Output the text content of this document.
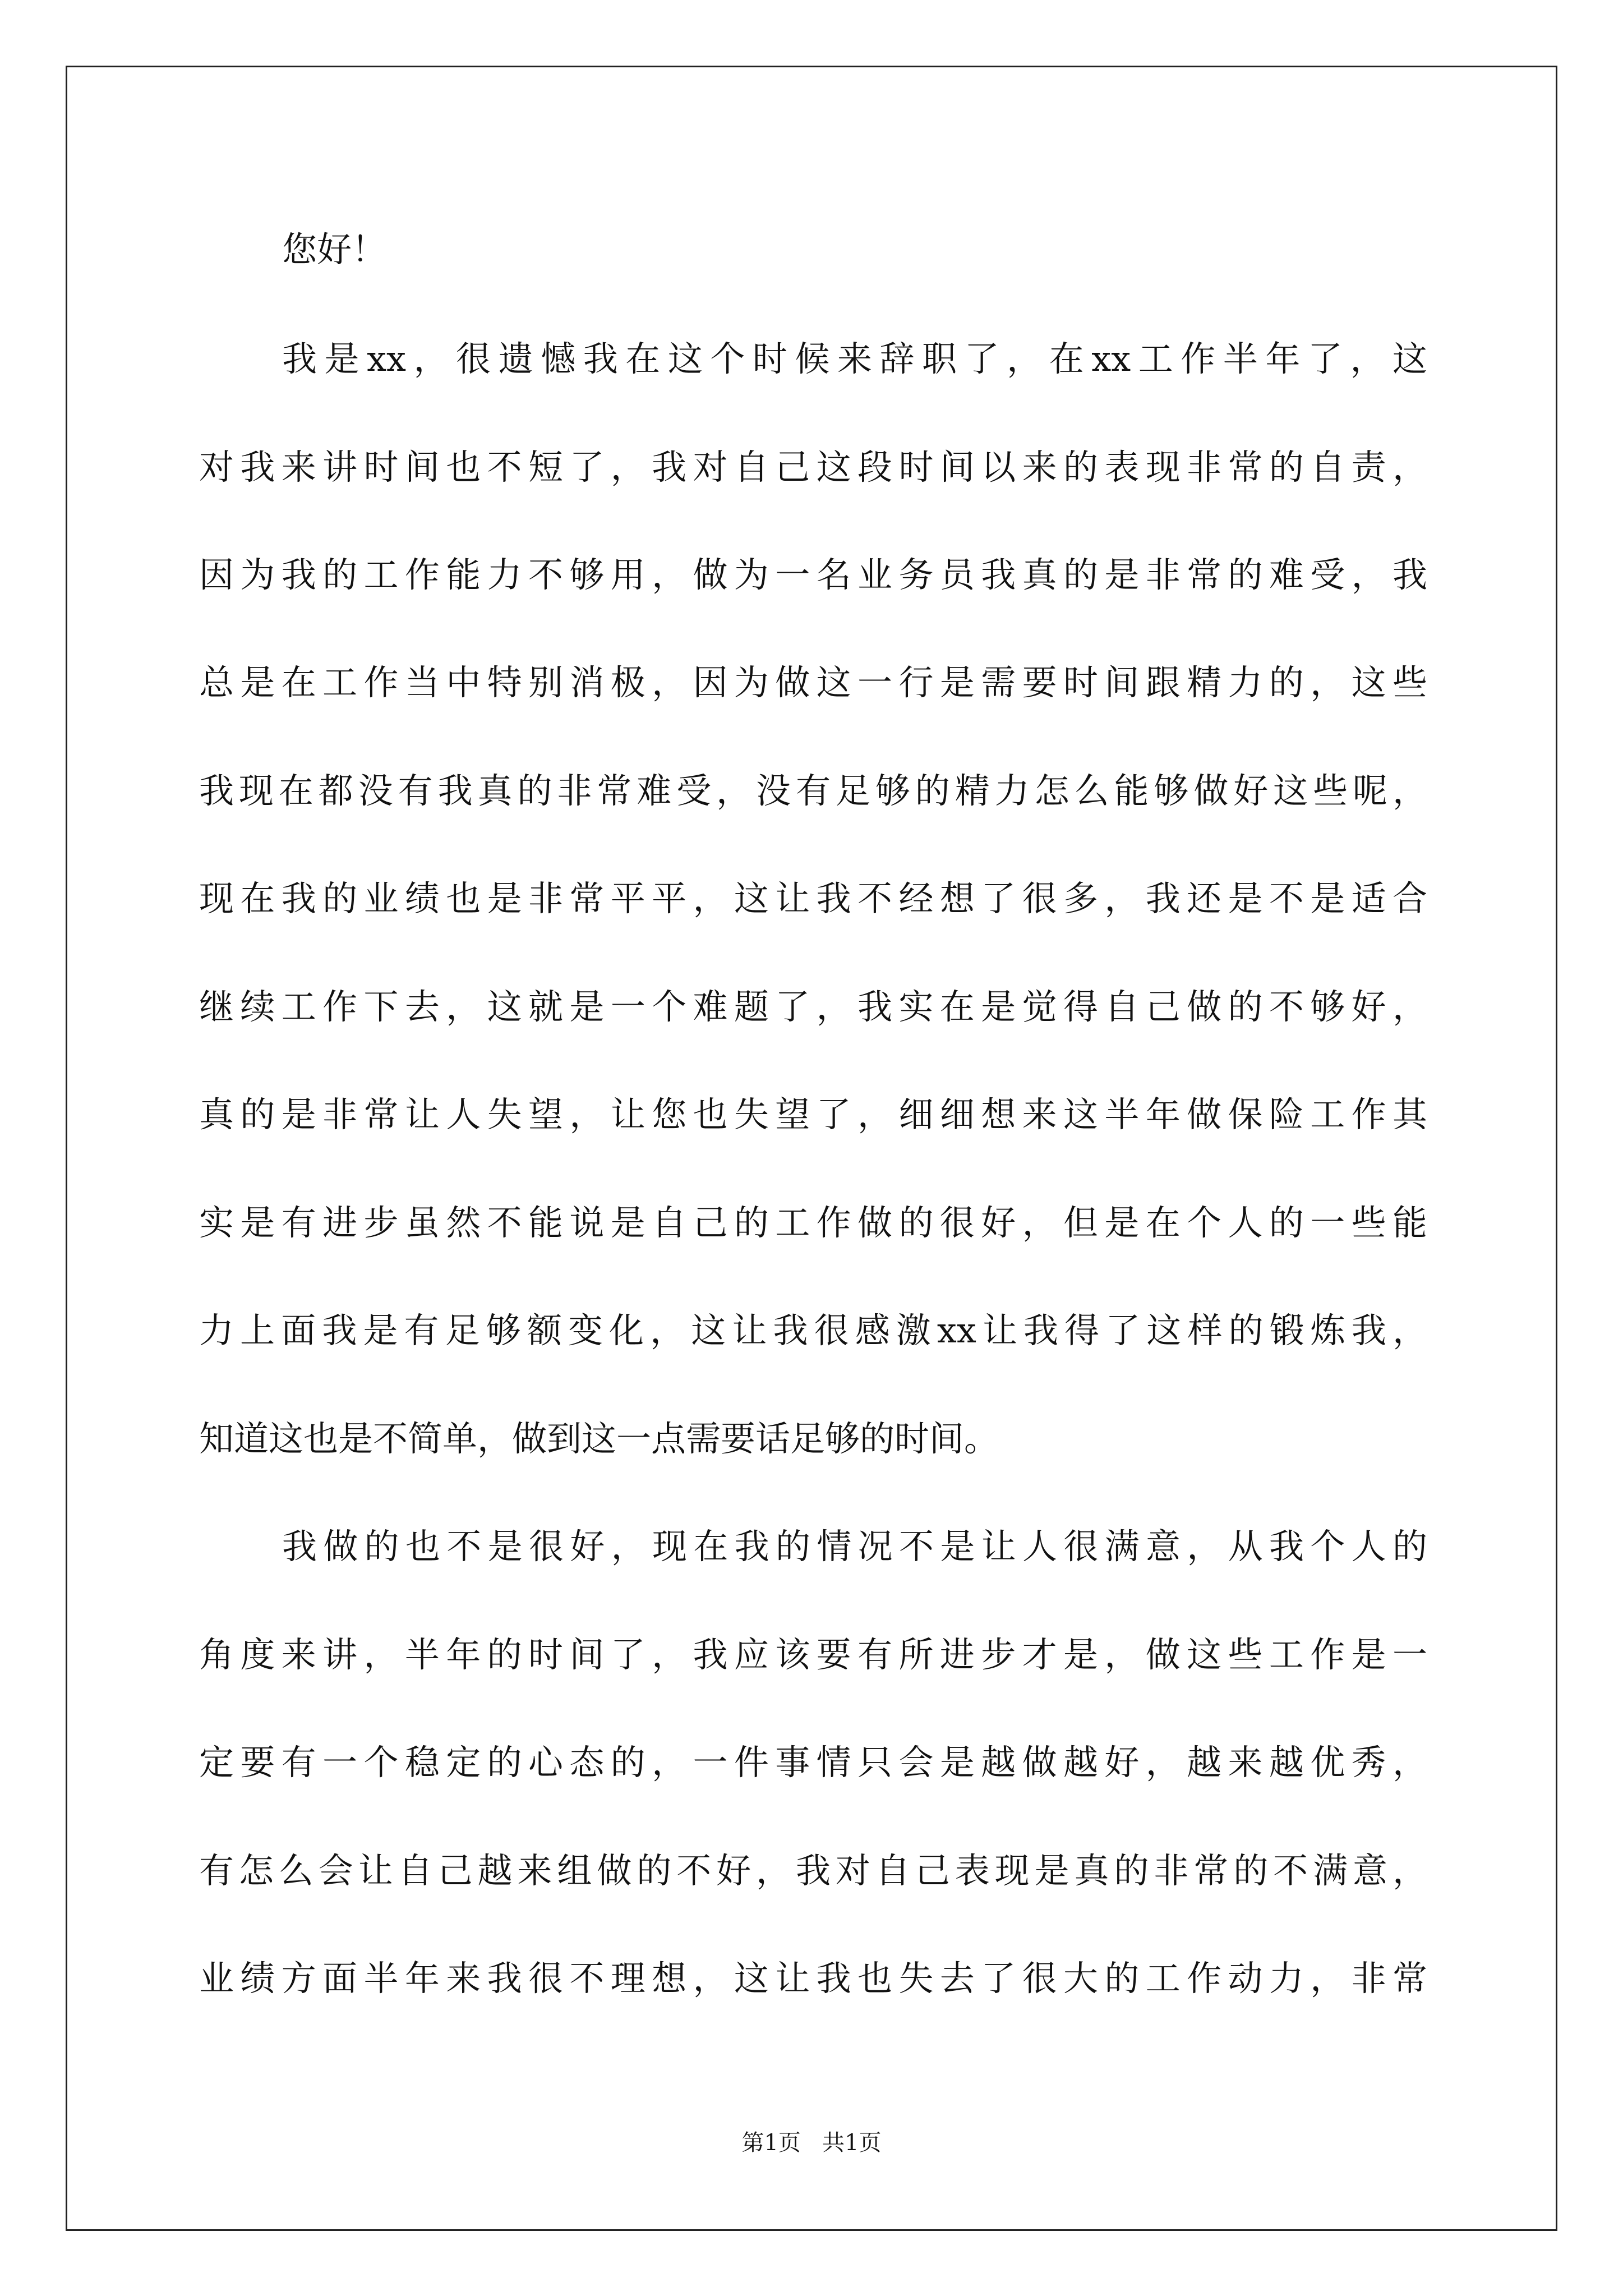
您好！
我是xx，很遗憾我在这个时候来辞职了，在xx工作半年了，这
对我来讲时间也不短了，我对自己这段时间以来的表现非常的自责，
因为我的工作能力不够用，做为一名业务员我真的是非常的难受，我
总是在工作当中特别消极，因为做这一行是需要时间跟精力的，这些
我现在都没有我真的非常难受，没有足够的精力怎么能够做好这些呢，
现在我的业绩也是非常平平，这让我不经想了很多，我还是不是适合
继续工作下去，这就是一个难题了，我实在是觉得自己做的不够好，
真的是非常让人失望，让您也失望了，细细想来这半年做保险工作其
实是有进步虽然不能说是自己的工作做的很好，但是在个人的一些能
力上面我是有足够额变化，这让我很感激xx让我得了这样的锻炼我，
知道这也是不简单，做到这一点需要话足够的时间。
我做的也不是很好，现在我的情况不是让人很满意，从我个人的
角度来讲，半年的时间了，我应该要有所进步才是，做这些工作是一
定要有一个稳定的心态的，一件事情只会是越做越好，越来越优秀，
有怎么会让自己越来组做的不好，我对自己表现是真的非常的不满意，
业绩方面半年来我很不理想，这让我也失去了很大的工作动力，非常
第1页   共1页
